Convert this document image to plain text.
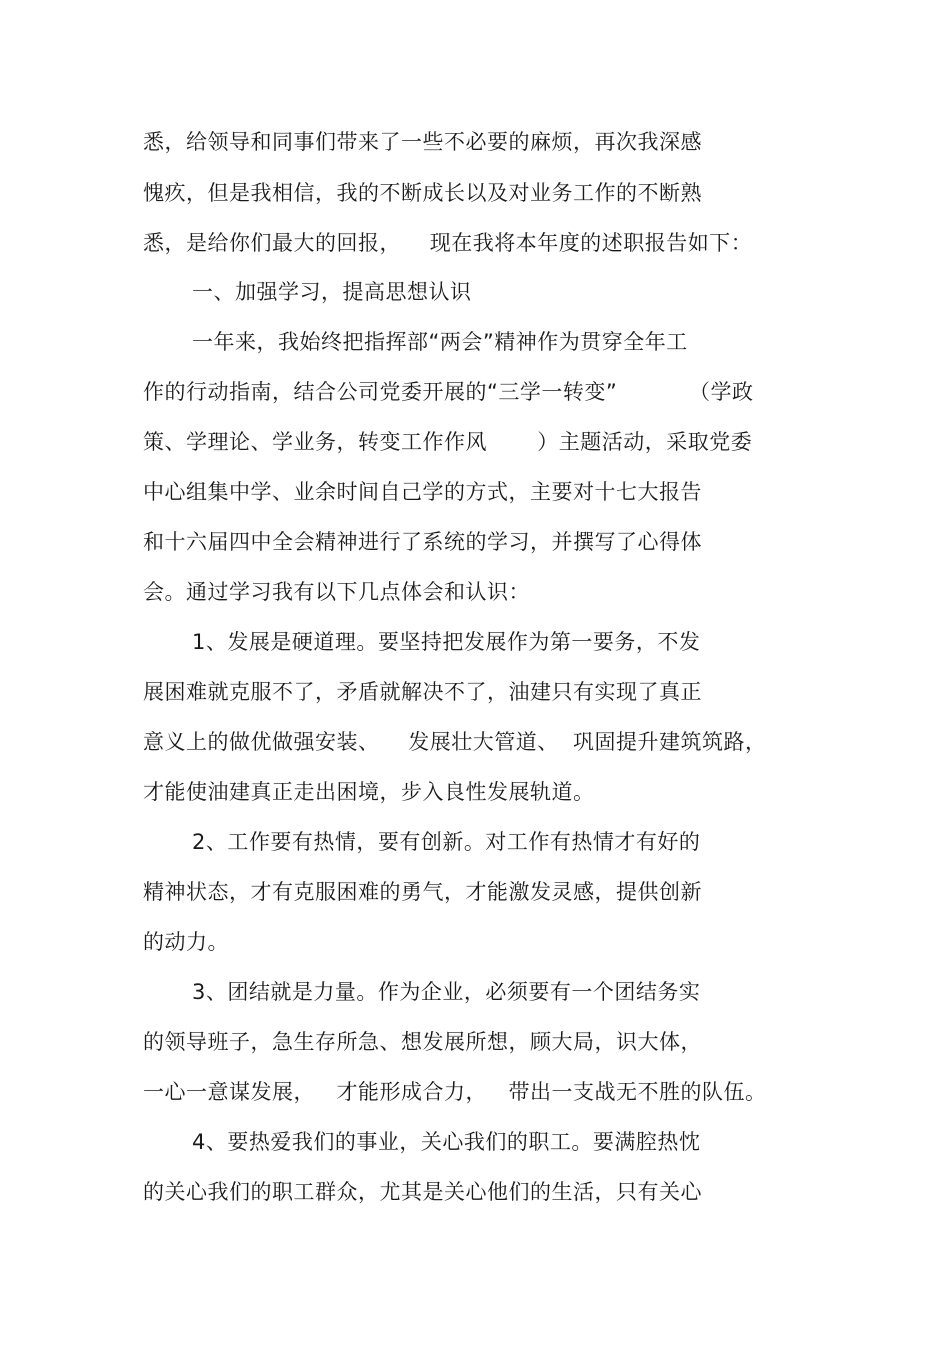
悉，给领导和同事们带来了一些不必要的麻烦，再次我深感
愧疚，但是我相信，我的不断成长以及对业务工作的不断熟
悉，是给你们最大的回报，    现在我将本年度的述职报告如下：
一、加强学习，提高思想认识
一年来，我始终把指挥部“两会”精神作为贯穿全年工
作的行动指南，结合公司党委开展的“三学一转变”          （学政
策、学理论、学业务，转变工作作风       ）主题活动，采取党委
中心组集中学、业余时间自己学的方式，主要对十七大报告
和十六届四中全会精神进行了系统的学习，并撰写了心得体
会。通过学习我有以下几点体会和认识：
1、发展是硬道理。要坚持把发展作为第一要务，不发
展困难就克服不了，矛盾就解决不了，油建只有实现了真正
意义上的做优做强安装、    发展壮大管道、  巩固提升建筑筑路，
才能使油建真正走出困境，步入良性发展轨道。
2、工作要有热情，要有创新。对工作有热情才有好的
精神状态，才有克服困难的勇气，才能激发灵感，提供创新
的动力。
3、团结就是力量。作为企业，必须要有一个团结务实
的领导班子，急生存所急、想发展所想，顾大局，识大体，
一心一意谋发展，   才能形成合力，   带出一支战无不胜的队伍。
4、要热爱我们的事业，关心我们的职工。要满腔热忱
的关心我们的职工群众，尤其是关心他们的生活，只有关心
